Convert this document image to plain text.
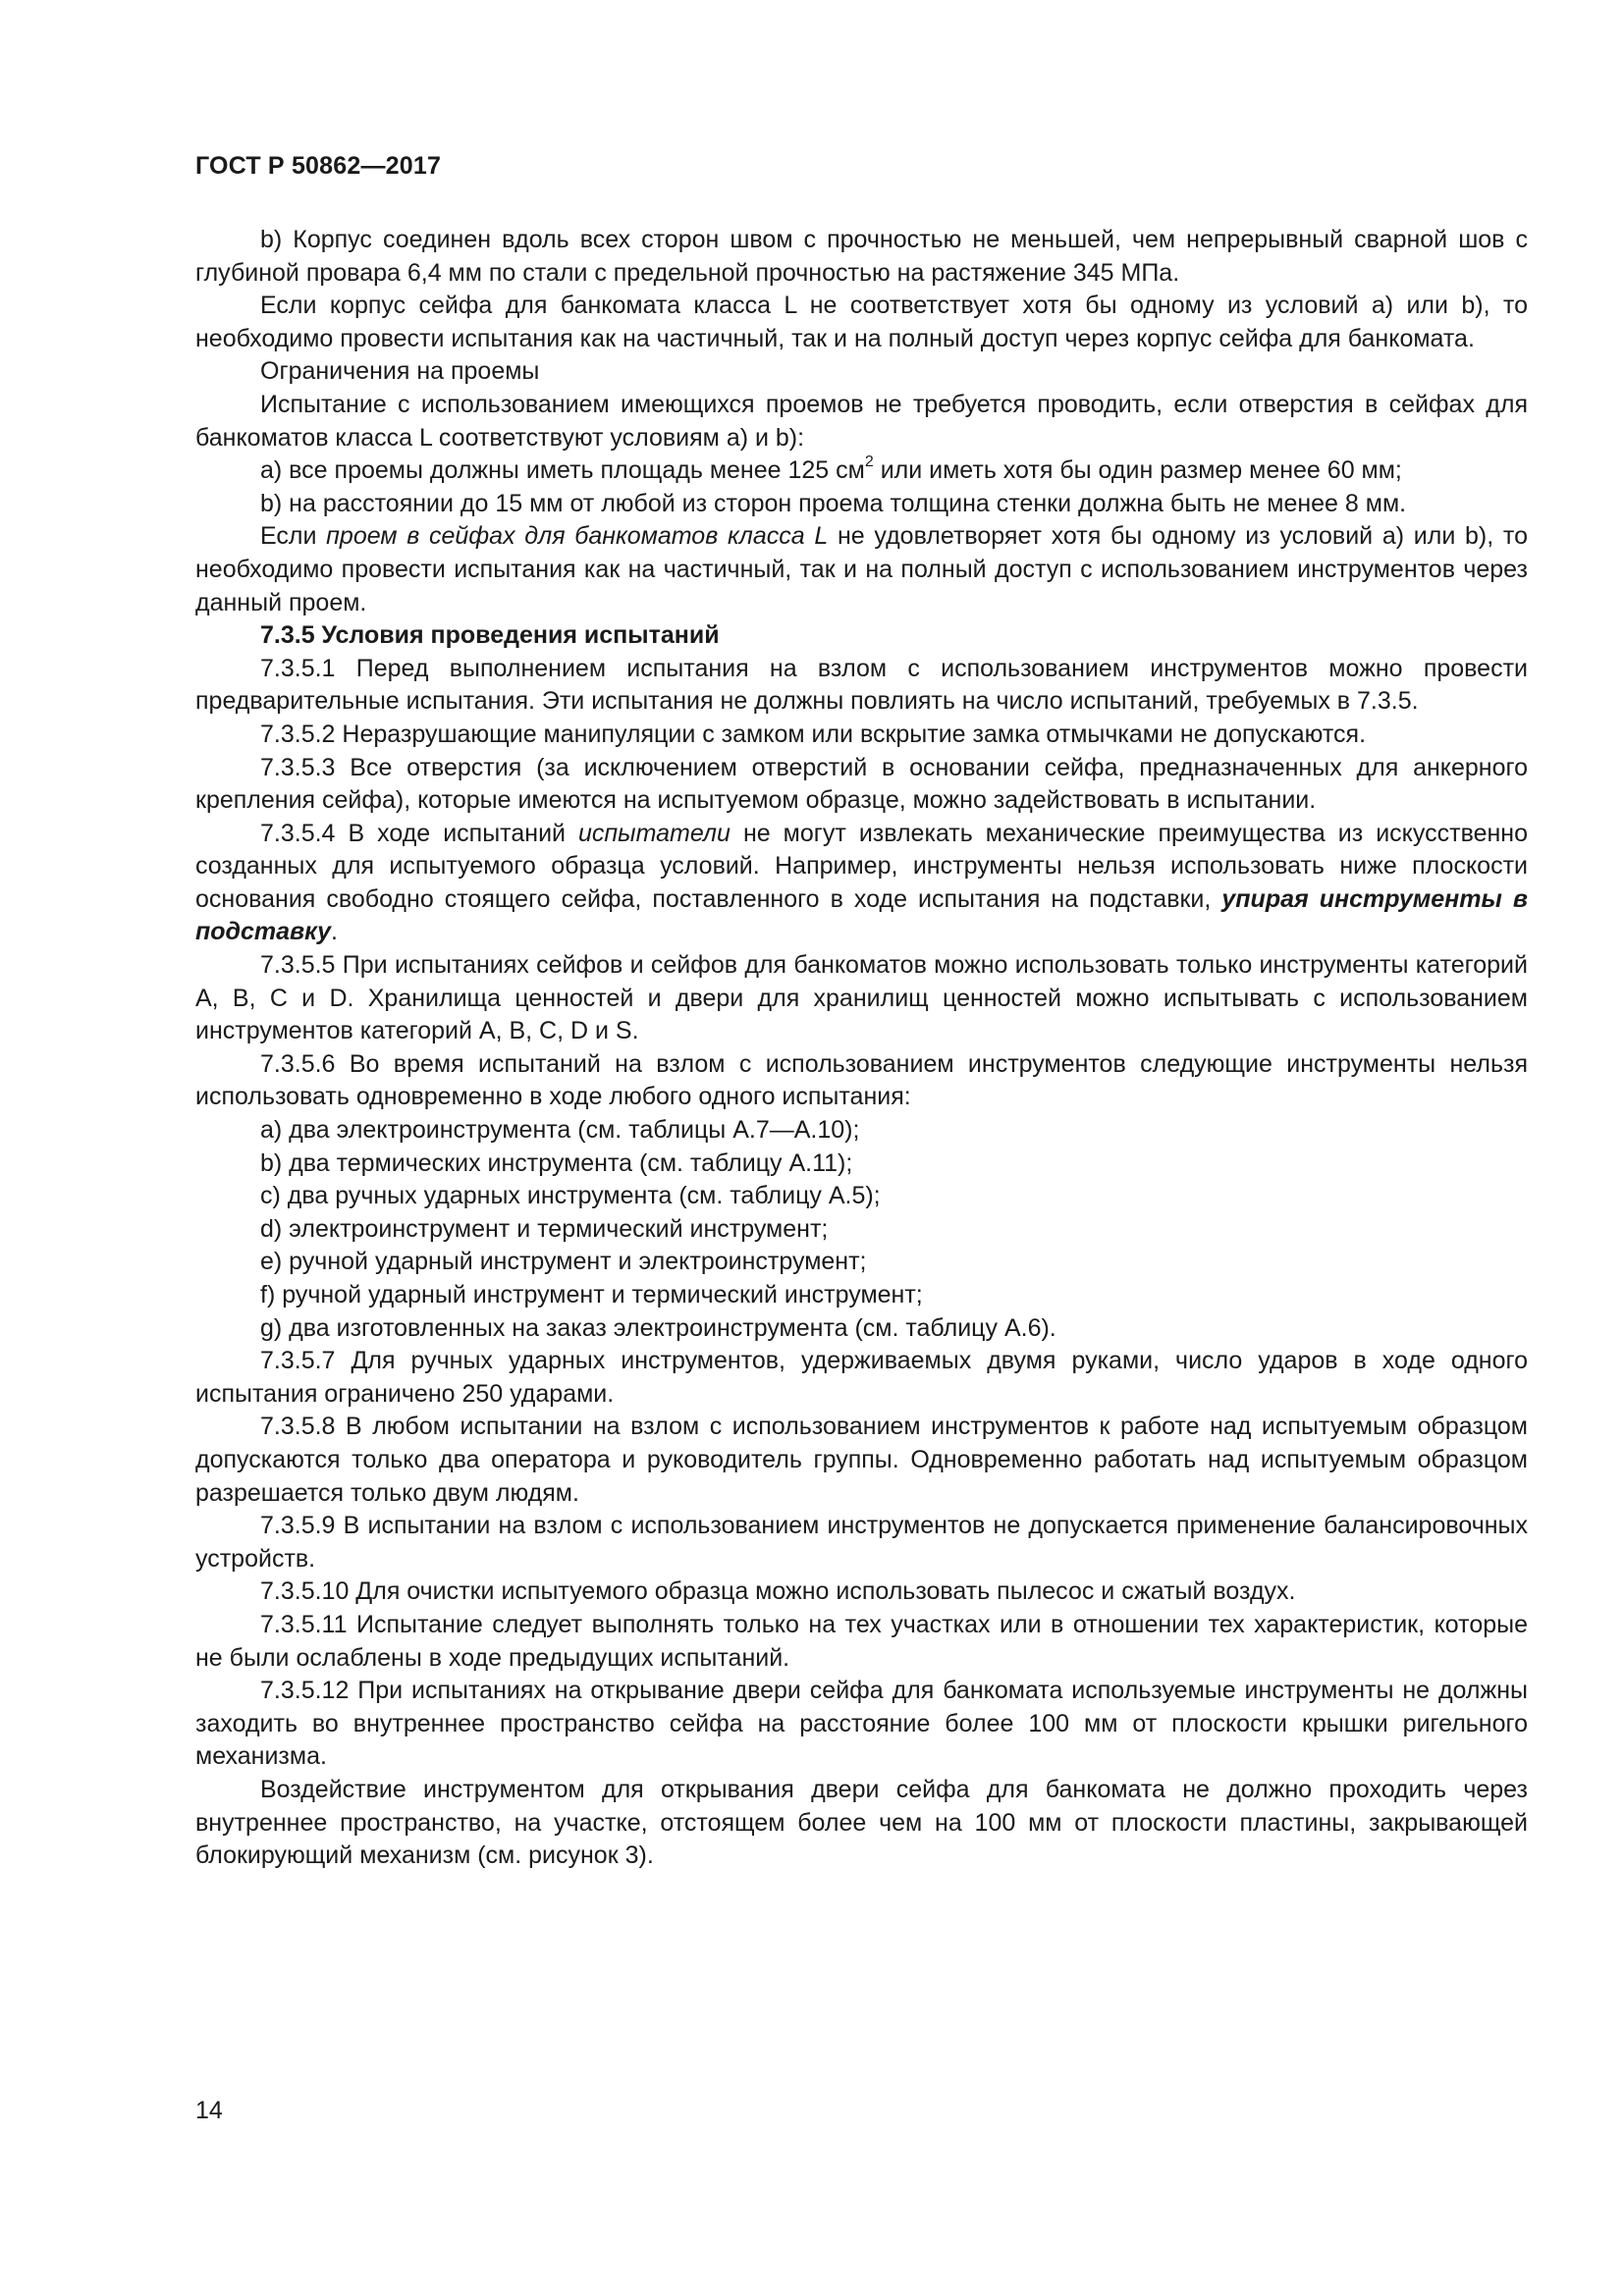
ГОСТ Р 50862—2017

b) Корпус соединен вдоль всех сторон швом с прочностью не меньшей, чем непрерывный сварной шов с глубиной провара 6,4 мм по стали с предельной прочностью на растяжение 345 МПа.

Если корпус сейфа для банкомата класса L не соответствует хотя бы одному из условий а) или b), то необходимо провести испытания как на частичный, так и на полный доступ через корпус сейфа для банкомата.

Ограничения на проемы

Испытание с использованием имеющихся проемов не требуется проводить, если отверстия в сейфах для банкоматов класса L соответствуют условиям а) и b):

а) все проемы должны иметь площадь менее 125 $см^2$ или иметь хотя бы один размер менее 60 мм;

b) на расстоянии до 15 мм от любой из сторон проема толщина стенки должна быть не менее 8 мм.

Если проем в сейфах для банкоматов класса L не удовлетворяет хотя бы одному из условий а) или b), то необходимо провести испытания как на частичный, так и на полный доступ с использованием инструментов через данный проем.

7.3.5 Условия проведения испытаний

7.3.5.1 Перед выполнением испытания на взлом с использованием инструментов можно провести предварительные испытания. Эти испытания не должны повлиять на число испытаний, требуемых в 7.3.5.

7.3.5.2 Неразрушающие манипуляции с замком или вскрытие замка отмычками не допускаются.

7.3.5.3 Все отверстия (за исключением отверстий в основании сейфа, предназначенных для анкерного крепления сейфа), которые имеются на испытуемом образце, можно задействовать в испытании.

7.3.5.4 В ходе испытаний испытатели не могут извлекать механические преимущества из искусственно созданных для испытуемого образца условий. Например, инструменты нельзя использовать ниже плоскости основания свободно стоящего сейфа, поставленного в ходе испытания на подставки, упирая инструменты в подставку.

7.3.5.5 При испытаниях сейфов и сейфов для банкоматов можно использовать только инструменты категорий A, B, C и D. Хранилища ценностей и двери для хранилищ ценностей можно испытывать с использованием инструментов категорий A, B, C, D и S.

7.3.5.6 Во время испытаний на взлом с использованием инструментов следующие инструменты нельзя использовать одновременно в ходе любого одного испытания:

а) два электроинструмента (см. таблицы А.7—А.10);

b) два термических инструмента (см. таблицу А.11);

c) два ручных ударных инструмента (см. таблицу А.5);

d) электроинструмент и термический инструмент;

e) ручной ударный инструмент и электроинструмент;

f) ручной ударный инструмент и термический инструмент;

g) два изготовленных на заказ электроинструмента (см. таблицу А.6).

7.3.5.7 Для ручных ударных инструментов, удерживаемых двумя руками, число ударов в ходе одного испытания ограничено 250 ударами.

7.3.5.8 В любом испытании на взлом с использованием инструментов к работе над испытуемым образцом допускаются только два оператора и руководитель группы. Одновременно работать над испытуемым образцом разрешается только двум людям.

7.3.5.9 В испытании на взлом с использованием инструментов не допускается применение балансировочных устройств.

7.3.5.10 Для очистки испытуемого образца можно использовать пылесос и сжатый воздух.

7.3.5.11 Испытание следует выполнять только на тех участках или в отношении тех характеристик, которые не были ослаблены в ходе предыдущих испытаний.

7.3.5.12 При испытаниях на открывание двери сейфа для банкомата используемые инструменты не должны заходить во внутреннее пространство сейфа на расстояние более 100 мм от плоскости крышки ригельного механизма.

Воздействие инструментом для открывания двери сейфа для банкомата не должно проходить через внутреннее пространство, на участке, отстоящем более чем на 100 мм от плоскости пластины, закрывающей блокирующий механизм (см. рисунок 3).

14
